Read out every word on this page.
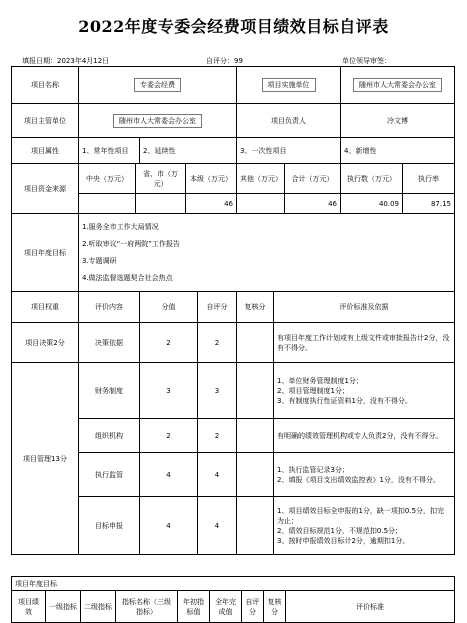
2022年度专委会经费项目绩效目标自评表
填报日期：2023年4月12日	自评分：99	单位领导审签：
项目名称	专委会经费					项目实施单位			随州市人大常委会办公室	
项目主管单位	随州市人大常委会办公室					项目负责人			冷文博	
项目属性	1、常年性项目		2、延续性			3、一次性项目			4、新增性	
项目资金来源	中央（万元）	省、市（万元）		本级（万元）		其他（万元）		合计（万元）	执行数（万元）	执行率
				46				46	40.09	87.15
项目年度目标	1.服务全市工作大局情况
2.听取审议“一府两院”工作报告
3.专题调研
4.做法监督选题契合社会热点									

项目权重	评价内容		分值		自评分	复核分	评价标准及依据			
项目决策2分	决策依据		2		2		有项目年度工作计划或有上级文件或审批报告计2分，没有不得分。			

项目管理13分	财务制度		3		3		1、单位财务管理制度1分；
2、项目管理制度1分；
3、有制度执行性证资料1分，没有不得分。			

	组织机构		2		2		有明确的绩效管理机构或专人负责2分，没有不得分。			

	执行监管		4		4		1、执行监管记录3分；
2、填报《项目支出绩效监控表》1分，没有不得分。			

	目标申报		4		4		1、项目绩效目标全申报的1分，缺一项扣0.5分，扣完为止；
2、绩效目标规范1分，不规范扣0.5分；
3、按时申报绩效目标计2分，逾期扣1分。			
项目年度目标
项目绩效	一级指标	二级指标	指标名称（三级指标）	年初指标值	全年完成值	自评分	复核分	评价标准
